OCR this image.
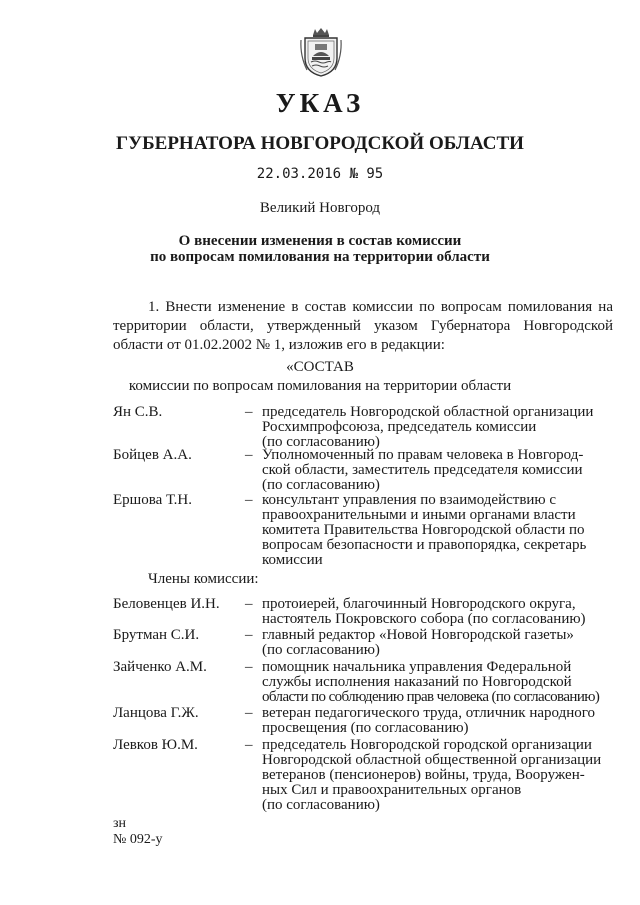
УКАЗ
ГУБЕРНАТОРА НОВГОРОДСКОЙ ОБЛАСТИ
22.03.2016 № 95
Великий Новгород
О внесении изменения в состав комиссии
по вопросам помилования на территории области
1. Внести изменение в состав комиссии по вопросам помилования на
территории области, утвержденный указом Губернатора Новгородской
области от 01.02.2002 № 1, изложив его в редакции:
«СОСТАВ
комиссии по вопросам помилования на территории области
Ян С.В.	– председатель Новгородской областной организации
Росхимпрофсоюза, председатель комиссии
(по согласованию)
Бойцев А.А.	– Уполномоченный по правам человека в Новгород-
ской области, заместитель председателя комиссии
(по согласованию)
Ершова Т.Н.	– консультант управления по взаимодействию с
правоохранительными и иными органами власти
комитета Правительства Новгородской области по
вопросам безопасности и правопорядка, секретарь
комиссии
Члены комиссии:
Беловенцев И.Н. – протоиерей, благочинный Новгородского округа,
настоятель Покровского собора (по согласованию)
Брутман С.И.	– главный редактор «Новой Новгородской газеты»
(по согласованию)
Зайченко А.М.	– помощник начальника управления Федеральной
службы исполнения наказаний по Новгородской
области по соблюдению прав человека (по согласованию)
Ланцова Г.Ж.	– ветеран педагогического труда, отличник народного
просвещения (по согласованию)
Левков Ю.М.	– председатель Новгородской городской организации
Новгородской областной общественной организации
ветеранов (пенсионеров) войны, труда, Вооружен-
ных Сил и правоохранительных органов
(по согласованию)
зн
№ 092-у
